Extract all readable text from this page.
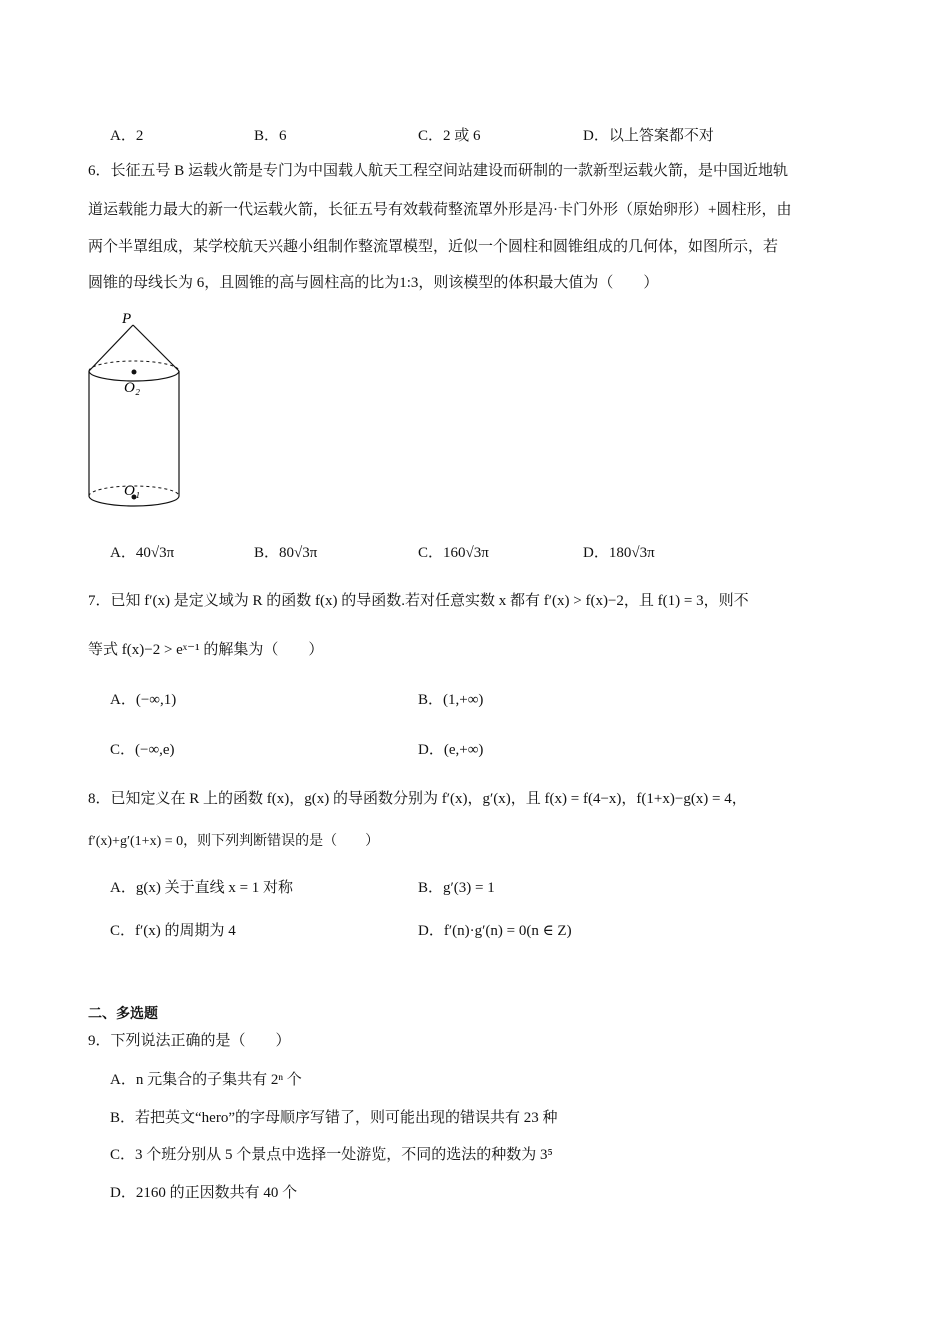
A．2	B．6	C．2 或 6	D．以上答案都不对
6．长征五号 B 运载火箭是专门为中国载人航天工程空间站建设而研制的一款新型运载火箭，是中国近地轨
道运载能力最大的新一代运载火箭，长征五号有效载荷整流罩外形是冯·卡门外形（原始卵形）+圆柱形，由
两个半罩组成，某学校航天兴趣小组制作整流罩模型，近似一个圆柱和圆锥组成的几何体，如图所示，若
圆锥的母线长为 6，且圆锥的高与圆柱高的比为1:3，则该模型的体积最大值为（　　）
P
O₂
O₁
A．40√3π	B．80√3π	C．160√3π	D．180√3π
7．已知 f′(x) 是定义域为 R 的函数 f(x) 的导函数.若对任意实数 x 都有 f′(x) > f(x)−2，且 f(1) = 3，则不
等式 f(x)−2 > eˣ⁻¹ 的解集为（　　）
A．(−∞,1)	B．(1,+∞)
C．(−∞,e)	D．(e,+∞)
8．已知定义在 R 上的函数 f(x)，g(x) 的导函数分别为 f′(x)，g′(x)，且 f(x) = f(4−x)，f(1+x)−g(x) = 4，
f′(x)+g′(1+x) = 0，则下列判断错误的是（　　）
A．g(x) 关于直线 x = 1 对称	B．g′(3) = 1
C．f′(x) 的周期为 4	D．f′(n)·g′(n) = 0(n ∈ Z)
二、多选题
9．下列说法正确的是（　　）
A．n 元集合的子集共有 2ⁿ 个
B．若把英文“hero”的字母顺序写错了，则可能出现的错误共有 23 种
C．3 个班分别从 5 个景点中选择一处游览，不同的选法的种数为 3⁵
D．2160 的正因数共有 40 个
